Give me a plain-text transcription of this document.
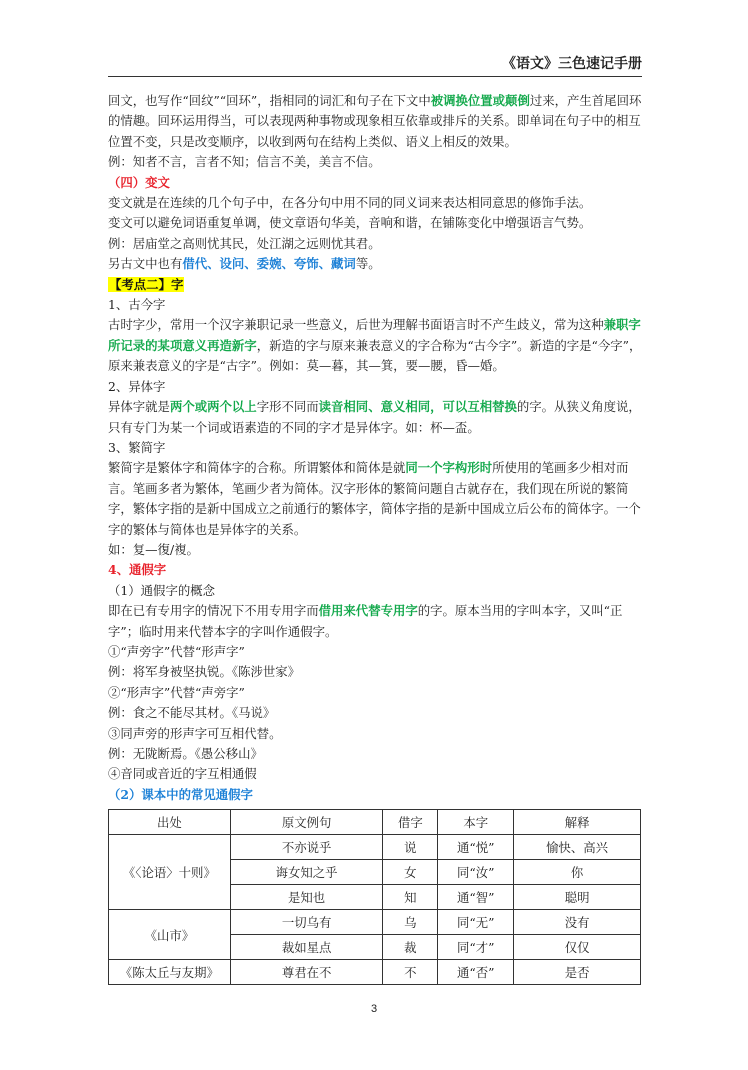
《语文》三色速记手册

回文，也写作“回纹”“回环”，指相同的词汇和句子在下文中被调换位置或颠倒过来，产生首尾回环的情趣。回环运用得当，可以表现两种事物或现象相互依靠或排斥的关系。即单词在句子中的相互位置不变，只是改变顺序，以收到两句在结构上类似、语义上相反的效果。

例：知者不言，言者不知；信言不美，美言不信。

（四）变文

变文就是在连续的几个句子中，在各分句中用不同的同义词来表达相同意思的修饰手法。

变文可以避免词语重复单调，使文章语句华美，音响和谐，在铺陈变化中增强语言气势。

例：居庙堂之高则忧其民，处江湖之远则忧其君。

另古文中也有借代、设问、委婉、夸饰、藏词等。

【考点二】字

1、古今字

古时字少，常用一个汉字兼职记录一些意义，后世为理解书面语言时不产生歧义，常为这种兼职字所记录的某项意义再造新字，新造的字与原来兼表意义的字合称为“古今字”。新造的字是“今字”，原来兼表意义的字是“古字”。例如：莫—暮，其—箕，要—腰，昏—婚。

2、异体字

异体字就是两个或两个以上字形不同而读音相同、意义相同，可以互相替换的字。从狭义角度说，只有专门为某一个词或语素造的不同的字才是异体字。如：杯—盃。

3、繁简字

繁简字是繁体字和简体字的合称。所谓繁体和简体是就同一个字构形时所使用的笔画多少相对而言。笔画多者为繁体，笔画少者为简体。汉字形体的繁简问题自古就存在，我们现在所说的繁简字，繁体字指的是新中国成立之前通行的繁体字，简体字指的是新中国成立后公布的简体字。一个字的繁体与简体也是异体字的关系。

如：复—復/複。

4、通假字

（1）通假字的概念

即在已有专用字的情况下不用专用字而借用来代替专用字的字。原本当用的字叫本字，又叫“正字”；临时用来代替本字的字叫作通假字。

①“声旁字”代替“形声字”

例：将军身被坚执锐。《陈涉世家》

②“形声字”代替“声旁字”

例：食之不能尽其材。《马说》

③同声旁的形声字可互相代替。

例：无陇断焉。《愚公移山》

④音同或音近的字互相通假

（2）课本中的常见通假字

出处	原文例句	借字	本字	解释
《〈论语〉十则》	不亦说乎	说	通“悦”	愉快、高兴
	诲女知之乎	女	同“汝”	你
	是知也	知	通“智”	聪明
《山市》	一切乌有	乌	同“无”	没有
	裁如星点	裁	同“才”	仅仅
《陈太丘与友期》	尊君在不	不	通“否”	是否
3
